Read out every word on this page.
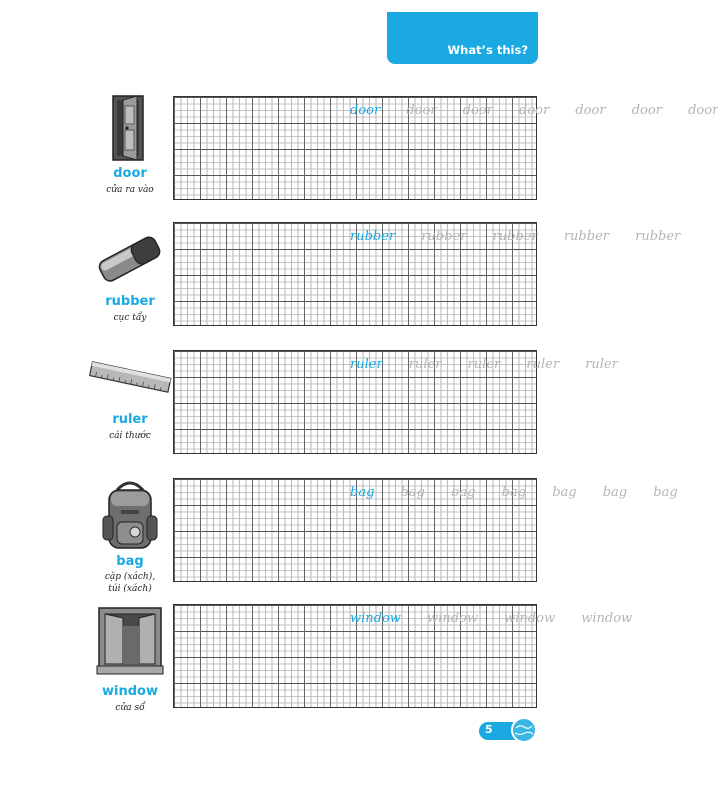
What’s this?
door
cửa ra vào
door door door door door door door
rubber
cục tẩy
rubber rubber rubber rubber rubber
ruler
cái thước
ruler ruler ruler ruler ruler
bag
cặp (xách),
túi (xách)
bag bag bag bag bag bag bag
window
cửa sổ
window window window window
5
